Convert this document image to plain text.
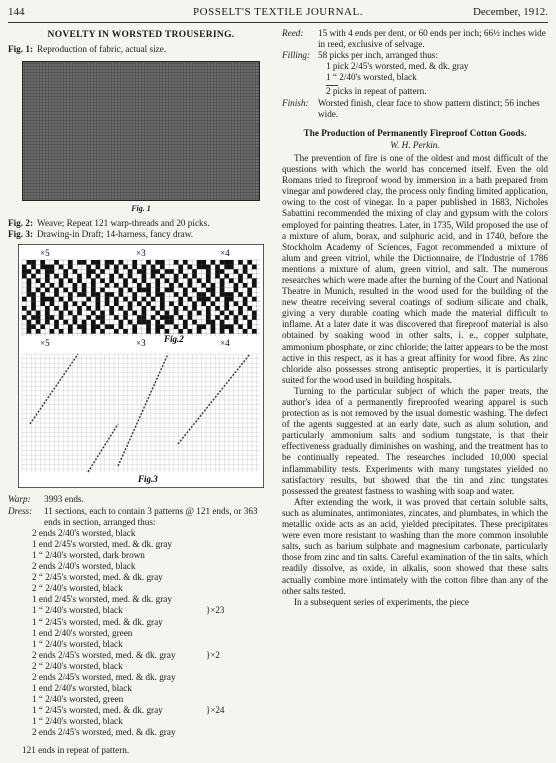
144	POSSELT'S TEXTILE JOURNAL.	December, 1912.
NOVELTY IN WORSTED TROUSERING.
Fig. 1: Reproduction of fabric, actual size.
Fig. 1
Fig. 2: Weave; Repeat 121 warp-threads and 20 picks.
Fig. 3: Drawing-in Draft; 14-harness, fancy draw.
×5	×3	×4
×5	×3	×4
Fig.2
Fig.3
Warp:	3993 ends.
Dress:	11 sections, each to contain 3 patterns @ 121 ends, or 363 ends in section, arranged thus:
2 ends 2/40's worsted, black
1 end 2/45's worsted, med. & dk. gray
1 “ 2/40's worsted, dark brown
2 ends 2/40's worsted, black
2 “ 2/45's worsted, med. & dk. gray
2 “ 2/40's worsted, black
1 end 2/45's worsted, med. & dk. gray
1 “ 2/40's worsted, black	}×23
1 “ 2/45's worsted, med. & dk. gray
1 end 2/40's worsted, green
1 “ 2/40's worsted, black
2 ends 2/45's worsted, med. & dk. gray	}×2
2 “ 2/40's worsted, black
2 ends 2/45's worsted, med. & dk. gray
1 end 2/40's worsted, black
1 “ 2/40's worsted, green
1 “ 2/45's worsted, med. & dk. gray	}×24
1 “ 2/40's worsted, black
2 ends 2/45's worsted, med. & dk. gray
121 ends in repeat of pattern.
Reed:	15 with 4 ends per dent, or 60 ends per inch; 66½ inches wide in reed, exclusive of selvage.
Filling: 58 picks per inch, arranged thus:
1 pick 2/45's worsted, med. & dk. gray
1 “ 2/40's worsted, black
2 picks in repeat of pattern.
Finish:	Worsted finish, clear face to show pattern distinct; 56 inches wide.
The Production of Permanently Fireproof Cotton Goods.
W. H. Perkin.
The prevention of fire is one of the oldest and most difficult of the questions with which the world has concerned itself. Even the old Romans tried to fireproof wood by immersion in a bath prepared from vinegar and powdered clay, the process only finding limited application, owing to the cost of vinegar. In a paper published in 1683, Nicholes Sabattini recommended the mixing of clay and gypsum with the colors employed for painting theatres. Later, in 1735, Wild proposed the use of a mixture of alum, borax, and sulphuric acid, and in 1740, before the Stockholm Academy of Sciences, Fagot recommended a mixture of alum and green vitriol, while the Dictionnaire, de l'Industrie of 1786 mentions a mixture of alum, green vitriol, and salt. The numerous researches which were made after the burning of the Court and National Theatre in Munich, resulted in the wood used for the building of the new theatre receiving several coatings of sodium silicate and chalk, giving a very durable coating which made the material difficult to inflame. At a later date it was discovered that fireproof material is also obtained by soaking wood in other salts, i. e., copper sulphate, ammonium phosphate, or zinc chloride; the latter appears to be the most active in this respect, as it has a great affinity for wood fibre. As zinc chloride also possesses strong antiseptic properties, it is particularly suited for the wood used in building hospitals.
Turning to the particular subject of which the paper treats, the author's idea of a permanently fireproofed wearing apparel is such protection as is not removed by the usual domestic washing. The defect of the agents suggested at an early date, such as alum solution, and particularly ammonium salts and sodium tungstate, is that their effectiveness gradually diminishes on washing, and the treatment has to be continually repeated. The researches included 10,000 special inflammability tests. Experiments with many tungstates yielded no satisfactory results, but showed that the tin and zinc tungstates possessed the greatest fastness to washing with soap and water.
After extending the work, it was proved that certain soluble salts, such as aluminates, antimoniates, zincates, and plumbates, in which the metallic oxide acts as an acid, yielded precipitates. These precipitates were even more resistant to washing than the more common insoluble salts, such as barium sulphate and magnesium carbonate, particularly those from zinc and tin salts. Careful examination of the tin salts, which readily dissolve, as oxide, in alkalis, soon showed that these salts actually combine more intimately with the cotton fibre than any of the other salts tested.
In a subsequent series of experiments, the piece
